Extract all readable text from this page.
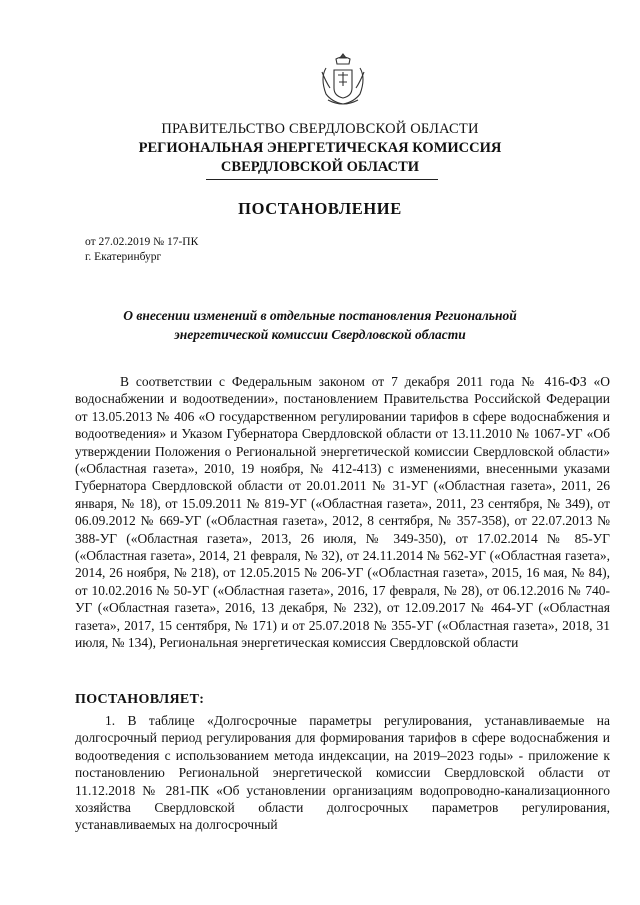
ПРАВИТЕЛЬСТВО СВЕРДЛОВСКОЙ ОБЛАСТИ
РЕГИОНАЛЬНАЯ ЭНЕРГЕТИЧЕСКАЯ КОМИССИЯ
СВЕРДЛОВСКОЙ ОБЛАСТИ
ПОСТАНОВЛЕНИЕ
от 27.02.2019 № 17-ПК
г. Екатеринбург
О внесении изменений в отдельные постановления Региональной энергетической комиссии Свердловской области
В соответствии с Федеральным законом от 7 декабря 2011 года № 416-ФЗ «О водоснабжении и водоотведении», постановлением Правительства Российской Федерации от 13.05.2013 № 406 «О государственном регулировании тарифов в сфере водоснабжения и водоотведения» и Указом Губернатора Свердловской области от 13.11.2010 № 1067-УГ «Об утверждении Положения о Региональной энергетической комиссии Свердловской области» («Областная газета», 2010, 19 ноября, № 412-413) с изменениями, внесенными указами Губернатора Свердловской области от 20.01.2011 № 31-УГ («Областная газета», 2011, 26 января, № 18), от 15.09.2011 № 819-УГ («Областная газета», 2011, 23 сентября, № 349), от 06.09.2012 № 669-УГ («Областная газета», 2012, 8 сентября, № 357-358), от 22.07.2013 № 388-УГ («Областная газета», 2013, 26 июля, № 349-350), от 17.02.2014 № 85-УГ («Областная газета», 2014, 21 февраля, № 32), от 24.11.2014 № 562-УГ («Областная газета», 2014, 26 ноября, № 218), от 12.05.2015 № 206-УГ («Областная газета», 2015, 16 мая, № 84), от 10.02.2016 № 50-УГ («Областная газета», 2016, 17 февраля, № 28), от 06.12.2016 № 740-УГ («Областная газета», 2016, 13 декабря, № 232), от 12.09.2017 № 464-УГ («Областная газета», 2017, 15 сентября, № 171) и от 25.07.2018 № 355-УГ («Областная газета», 2018, 31 июля, № 134), Региональная энергетическая комиссия Свердловской области
ПОСТАНОВЛЯЕТ:
1. В таблице «Долгосрочные параметры регулирования, устанавливаемые на долгосрочный период регулирования для формирования тарифов в сфере водоснабжения и водоотведения с использованием метода индексации, на 2019–2023 годы» - приложение к постановлению Региональной энергетической комиссии Свердловской области от 11.12.2018 № 281-ПК «Об установлении организациям водопроводно-канализационного хозяйства Свердловской области долгосрочных параметров регулирования, устанавливаемых на долгосрочный
